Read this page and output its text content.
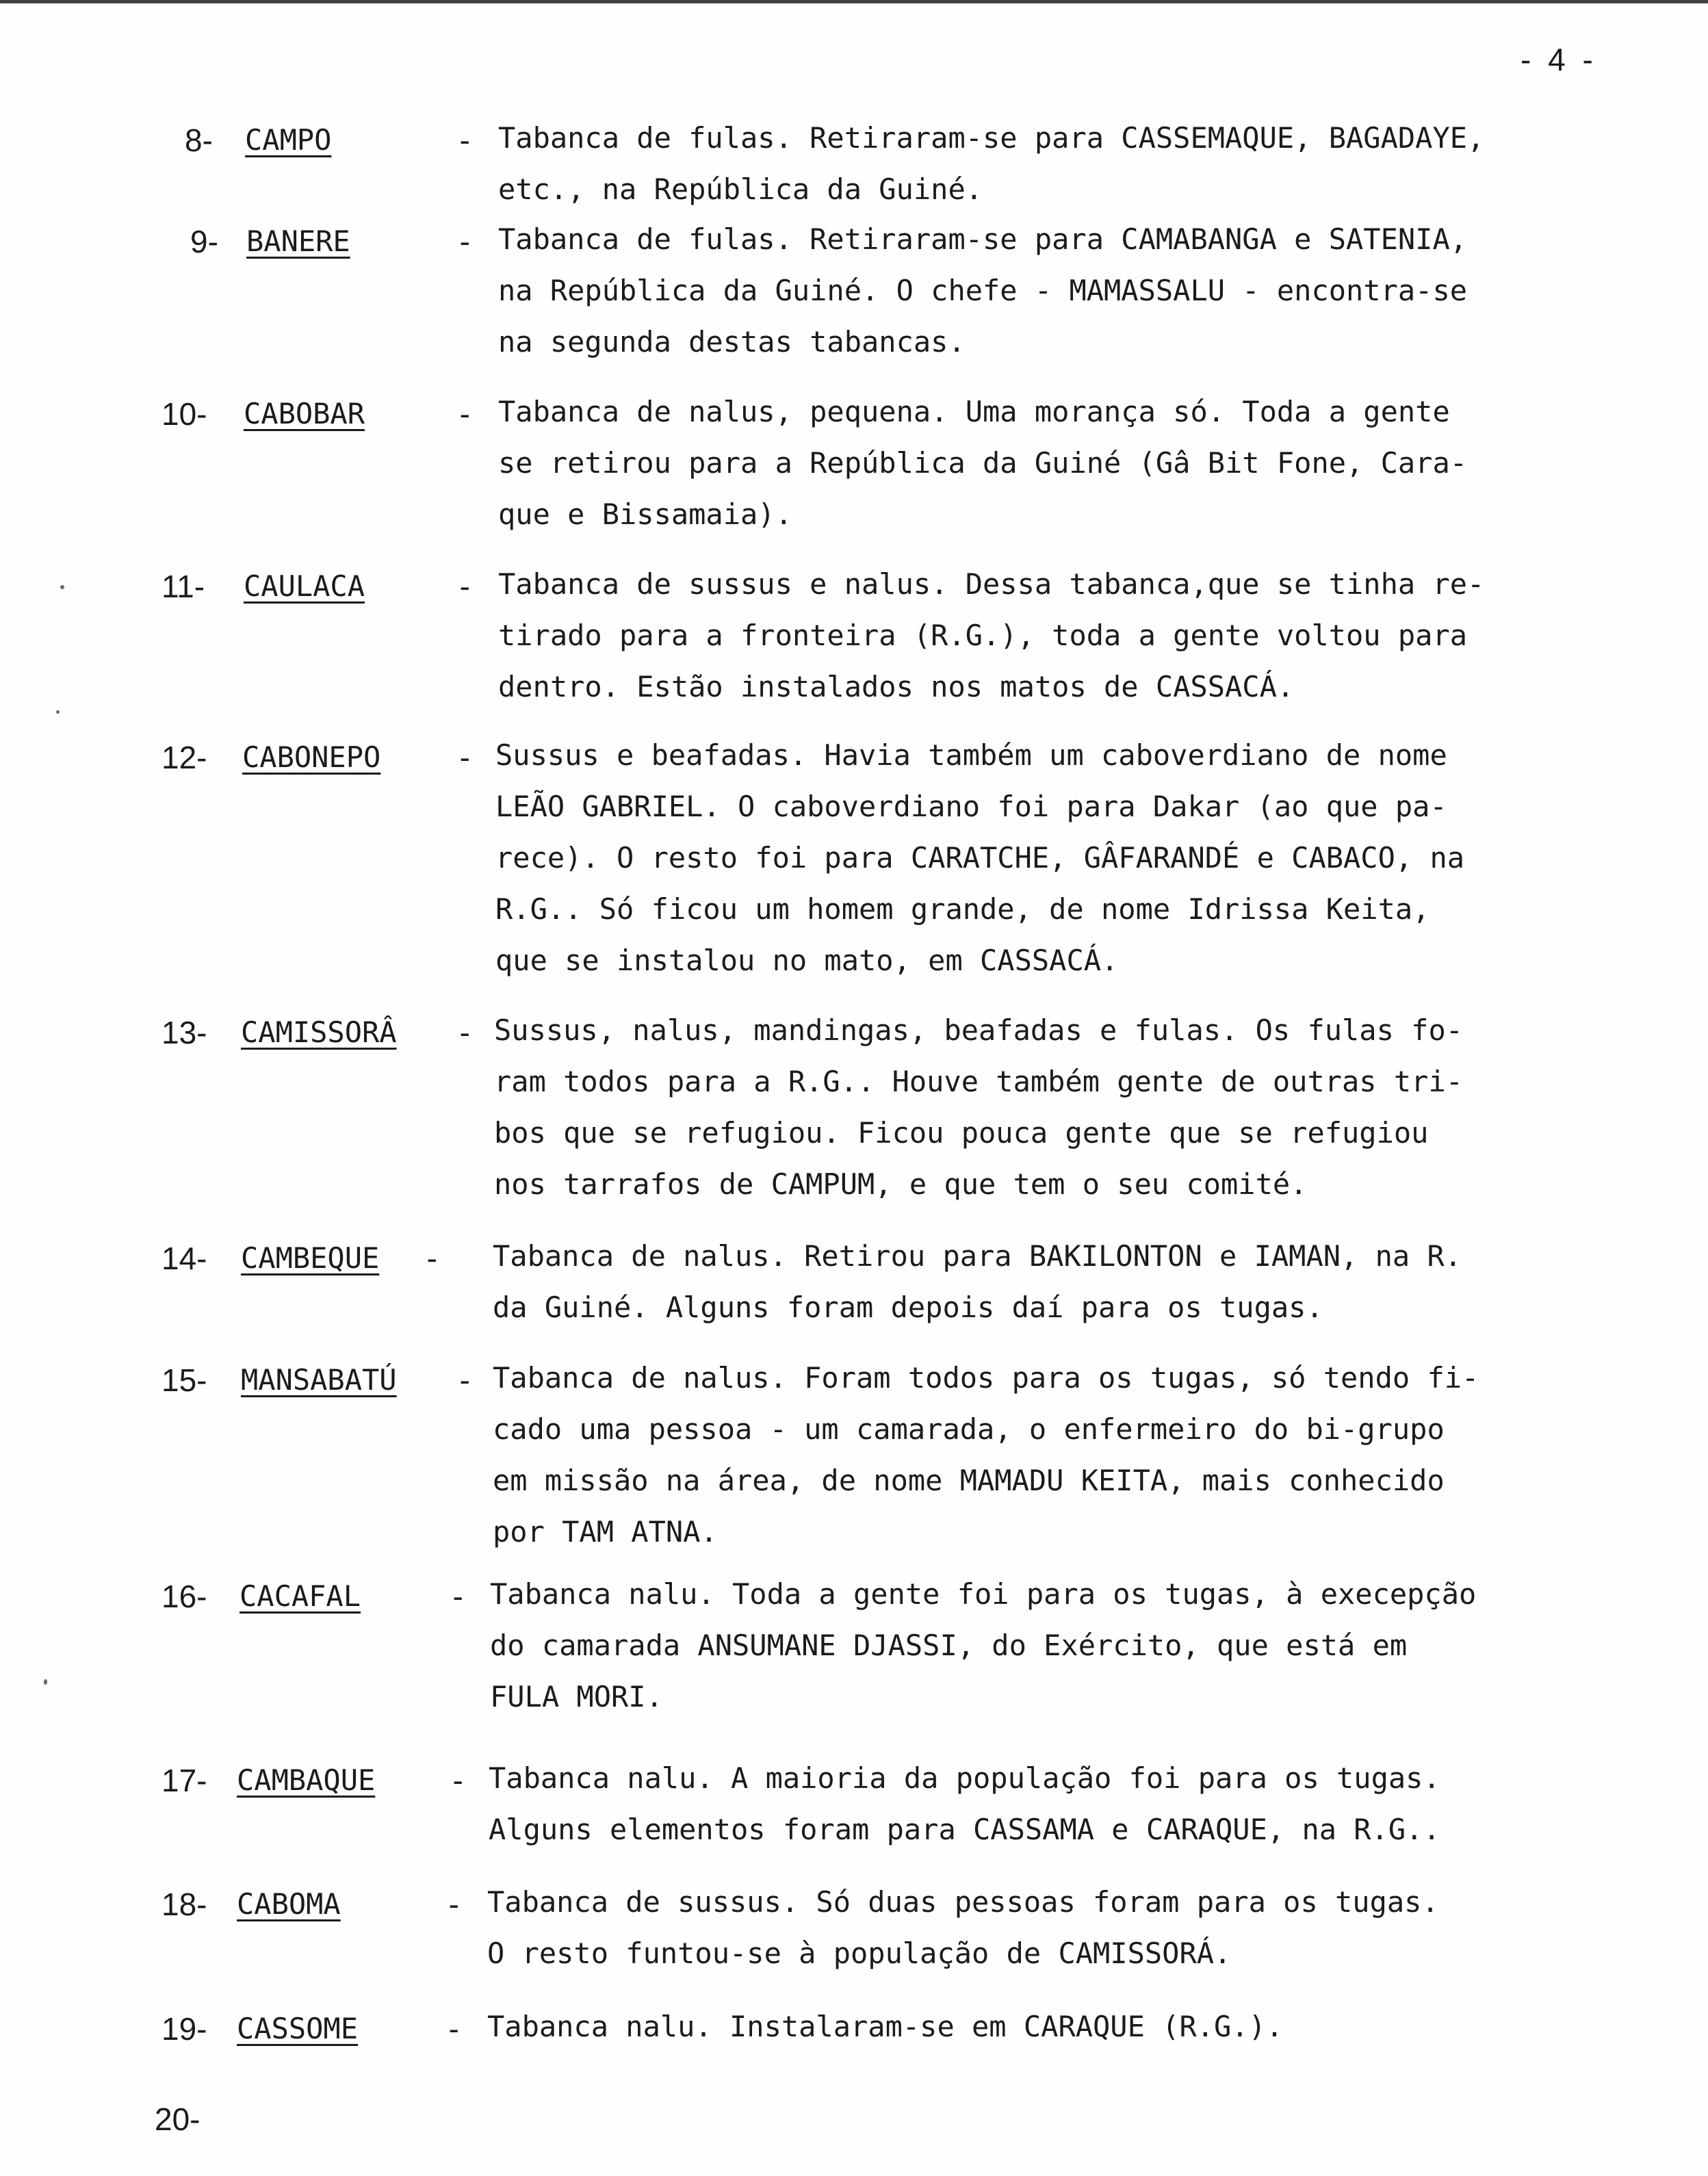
- 4 -
8- CAMPO	- Tabanca de fulas. Retiraram-se para CASSEMAQUE, BAGADAYE,
etc., na República da Guiné.
9- BANERE	- Tabanca de fulas. Retiraram-se para CAMABANGA e SATENIA,
na República da Guiné. O chefe - MAMASSALU - encontra-se
na segunda destas tabancas.
10- CABOBAR	- Tabanca de nalus, pequena. Uma morança só. Toda a gente
se retirou para a República da Guiné (Gâ Bit Fone, Cara-
que e Bissamaia).
11- CAULACA	- Tabanca de sussus e nalus. Dessa tabanca,que se tinha re-
tirado para a fronteira (R.G.), toda a gente voltou para
dentro. Estão instalados nos matos de CASSACÁ.
12- CABONEPO - Sussus e beafadas. Havia também um caboverdiano de nome
LEÃO GABRIEL. O caboverdiano foi para Dakar (ao que pa-
rece). O resto foi para CARATCHE, GÂFARANDÉ e CABACO, na
R.G.. Só ficou um homem grande, de nome Idrissa Keita,
que se instalou no mato, em CASSACÁ.
13- CAMISSORÂ - Sussus, nalus, mandingas, beafadas e fulas. Os fulas fo-
ram todos para a R.G.. Houve também gente de outras tri-
bos que se refugiou. Ficou pouca gente que se refugiou
nos tarrafos de CAMPUM, e que tem o seu comité.
14- CAMBEQUE - Tabanca de nalus. Retirou para BAKILONTON e IAMAN, na R.
da Guiné. Alguns foram depois daí para os tugas.
15- MANSABATÚ - Tabanca de nalus. Foram todos para os tugas, só tendo fi-
cado uma pessoa - um camarada, o enfermeiro do bi-grupo
em missão na área, de nome MAMADU KEITA, mais conhecido
por TAM ATNA.
16- CACAFAL	- Tabanca nalu. Toda a gente foi para os tugas, à execepção
do camarada ANSUMANE DJASSI, do Exército, que está em
FULA MORI.
17- CAMBAQUE - Tabanca nalu. A maioria da população foi para os tugas.
Alguns elementos foram para CASSAMA e CARAQUE, na R.G..
18- CABOMA	- Tabanca de sussus. Só duas pessoas foram para os tugas.
O resto funtou-se à população de CAMISSORÁ.
19- CASSOME	- Tabanca nalu. Instalaram-se em CARAQUE (R.G.).
20-
